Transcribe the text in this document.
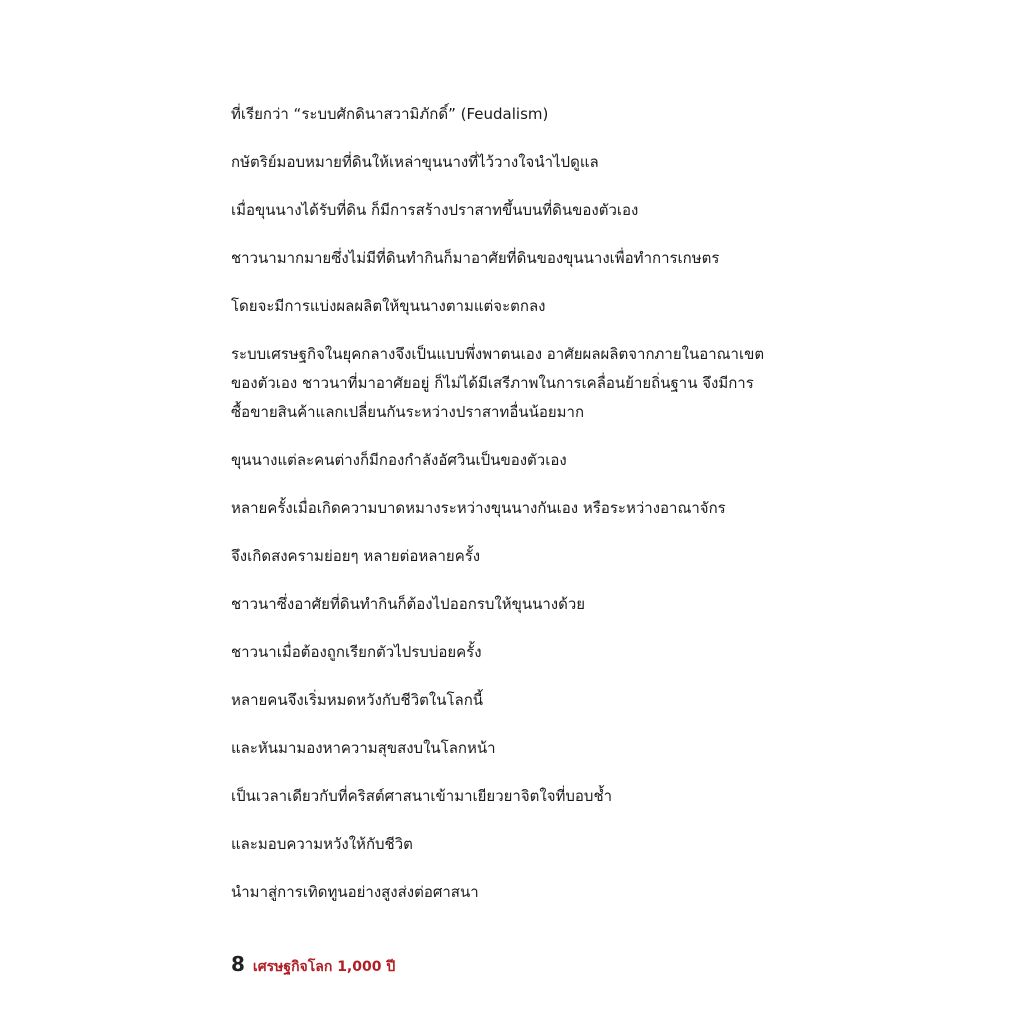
ที่เรียกว่า “ระบบศักดินาสวามิภักดิ์” (Feudalism)

กษัตริย์มอบหมายที่ดินให้เหล่าขุนนางที่ไว้วางใจนำไปดูแล

เมื่อขุนนางได้รับที่ดิน ก็มีการสร้างปราสาทขึ้นบนที่ดินของตัวเอง

ชาวนามากมายซึ่งไม่มีที่ดินทำกินก็มาอาศัยที่ดินของขุนนางเพื่อทำการเกษตร

โดยจะมีการแบ่งผลผลิตให้ขุนนางตามแต่จะตกลง

ระบบเศรษฐกิจในยุคกลางจึงเป็นแบบพึ่งพาตนเอง อาศัยผลผลิตจากภายในอาณาเขตของตัวเอง ชาวนาที่มาอาศัยอยู่ ก็ไม่ได้มีเสรีภาพในการเคลื่อนย้ายถิ่นฐาน จึงมีการซื้อขายสินค้าแลกเปลี่ยนกันระหว่างปราสาทอื่นน้อยมาก

ขุนนางแต่ละคนต่างก็มีกองกำลังอัศวินเป็นของตัวเอง

หลายครั้งเมื่อเกิดความบาดหมางระหว่างขุนนางกันเอง หรือระหว่างอาณาจักร

จึงเกิดสงครามย่อยๆ หลายต่อหลายครั้ง

ชาวนาซึ่งอาศัยที่ดินทำกินก็ต้องไปออกรบให้ขุนนางด้วย

ชาวนาเมื่อต้องถูกเรียกตัวไปรบบ่อยครั้ง

หลายคนจึงเริ่มหมดหวังกับชีวิตในโลกนี้

และหันมามองหาความสุขสงบในโลกหน้า

เป็นเวลาเดียวกับที่คริสต์ศาสนาเข้ามาเยียวยาจิตใจที่บอบช้ำ

และมอบความหวังให้กับชีวิต

นำมาสู่การเทิดทูนอย่างสูงส่งต่อศาสนา

8 เศรษฐกิจโลก 1,000 ปี
